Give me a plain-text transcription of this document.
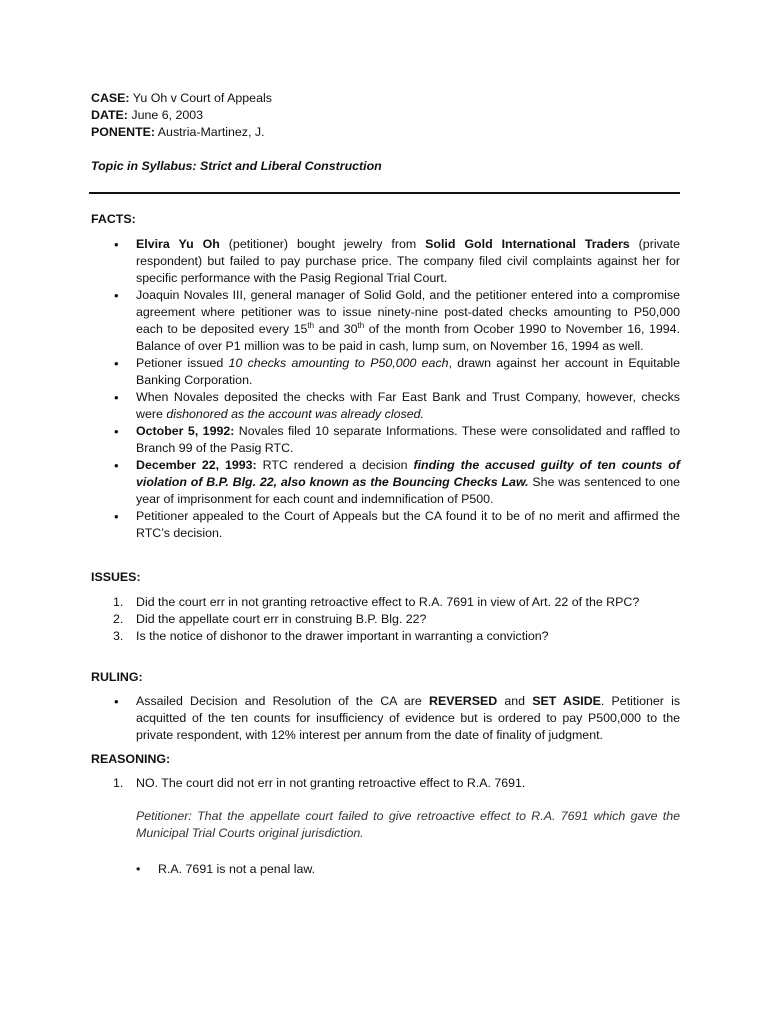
CASE: Yu Oh v Court of Appeals
DATE: June 6, 2003
PONENTE: Austria-Martinez, J.
Topic in Syllabus: Strict and Liberal Construction
FACTS:
• Elvira Yu Oh (petitioner) bought jewelry from Solid Gold International Traders (private respondent) but failed to pay purchase price. The company filed civil complaints against her for specific performance with the Pasig Regional Trial Court.
• Joaquin Novales III, general manager of Solid Gold, and the petitioner entered into a compromise agreement where petitioner was to issue ninety-nine post-dated checks amounting to P50,000 each to be deposited every 15th and 30th of the month from Ocober 1990 to November 16, 1994. Balance of over P1 million was to be paid in cash, lump sum, on November 16, 1994 as well.
• Petioner issued 10 checks amounting to P50,000 each, drawn against her account in Equitable Banking Corporation.
• When Novales deposited the checks with Far East Bank and Trust Company, however, checks were dishonored as the account was already closed.
• October 5, 1992: Novales filed 10 separate Informations. These were consolidated and raffled to Branch 99 of the Pasig RTC.
• December 22, 1993: RTC rendered a decision finding the accused guilty of ten counts of violation of B.P. Blg. 22, also known as the Bouncing Checks Law. She was sentenced to one year of imprisonment for each count and indemnification of P500.
• Petitioner appealed to the Court of Appeals but the CA found it to be of no merit and affirmed the RTC’s decision.
ISSUES:
1. Did the court err in not granting retroactive effect to R.A. 7691 in view of Art. 22 of the RPC?
2. Did the appellate court err in construing B.P. Blg. 22?
3. Is the notice of dishonor to the drawer important in warranting a conviction?
RULING:
• Assailed Decision and Resolution of the CA are REVERSED and SET ASIDE. Petitioner is acquitted of the ten counts for insufficiency of evidence but is ordered to pay P500,000 to the private respondent, with 12% interest per annum from the date of finality of judgment.
REASONING:
1. NO. The court did not err in not granting retroactive effect to R.A. 7691.
Petitioner: That the appellate court failed to give retroactive effect to R.A. 7691 which gave the Municipal Trial Courts original jurisdiction.
• R.A. 7691 is not a penal law.
